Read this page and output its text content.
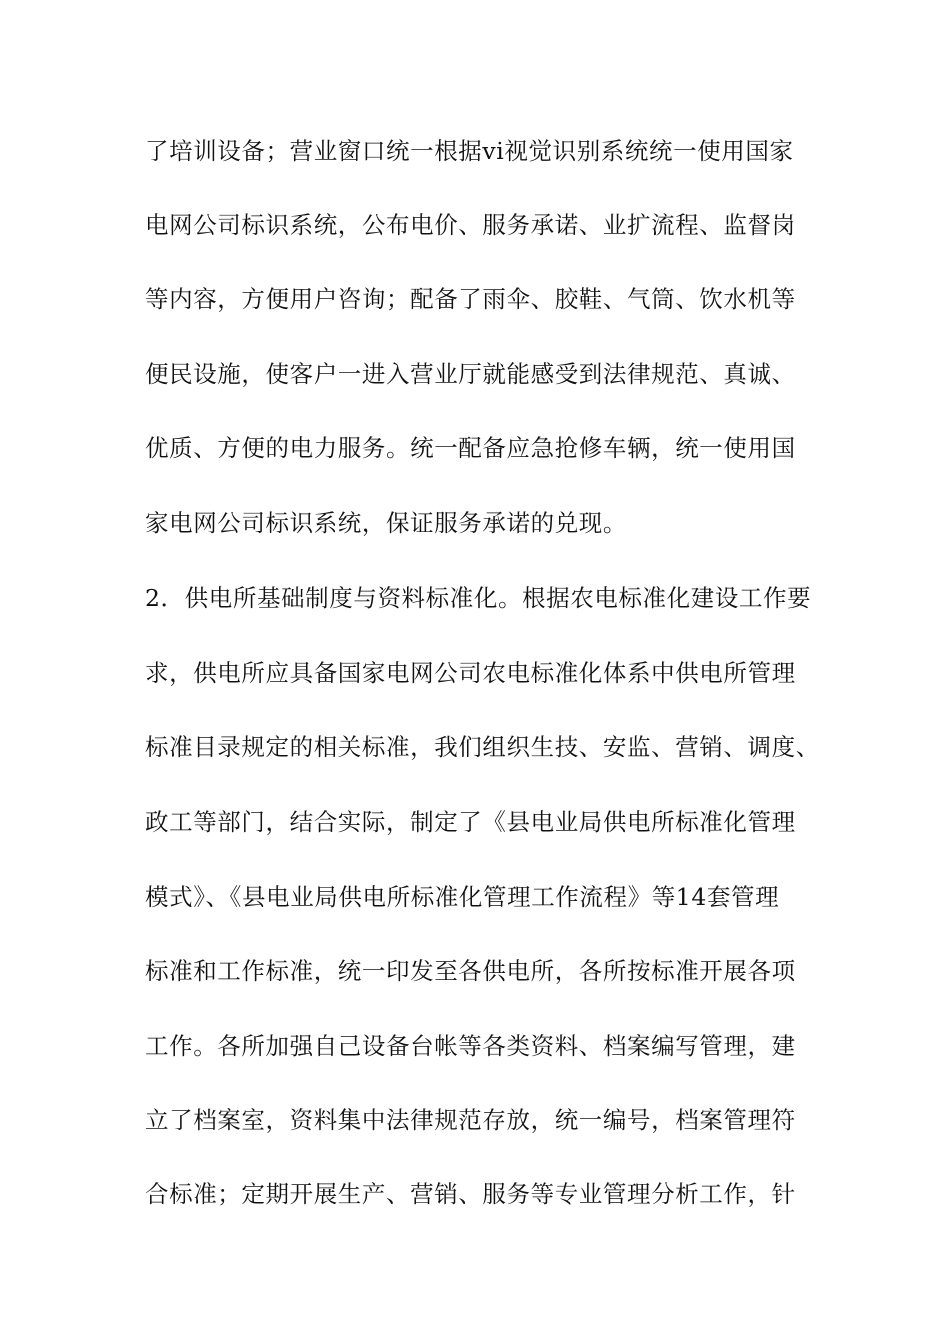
了培训设备；营业窗口统一根据vi视觉识别系统统一使用国家
电网公司标识系统，公布电价、服务承诺、业扩流程、监督岗
等内容，方便用户咨询；配备了雨伞、胶鞋、气筒、饮水机等
便民设施，使客户一进入营业厅就能感受到法律规范、真诚、
优质、方便的电力服务。统一配备应急抢修车辆，统一使用国
家电网公司标识系统，保证服务承诺的兑现。
2．供电所基础制度与资料标准化。根据农电标准化建设工作要
求，供电所应具备国家电网公司农电标准化体系中供电所管理
标准目录规定的相关标准，我们组织生技、安监、营销、调度、
政工等部门，结合实际，制定了《县电业局供电所标准化管理
模式》、《县电业局供电所标准化管理工作流程》等14套管理
标准和工作标准，统一印发至各供电所，各所按标准开展各项
工作。各所加强自己设备台帐等各类资料、档案编写管理，建
立了档案室，资料集中法律规范存放，统一编号，档案管理符
合标准；定期开展生产、营销、服务等专业管理分析工作，针
